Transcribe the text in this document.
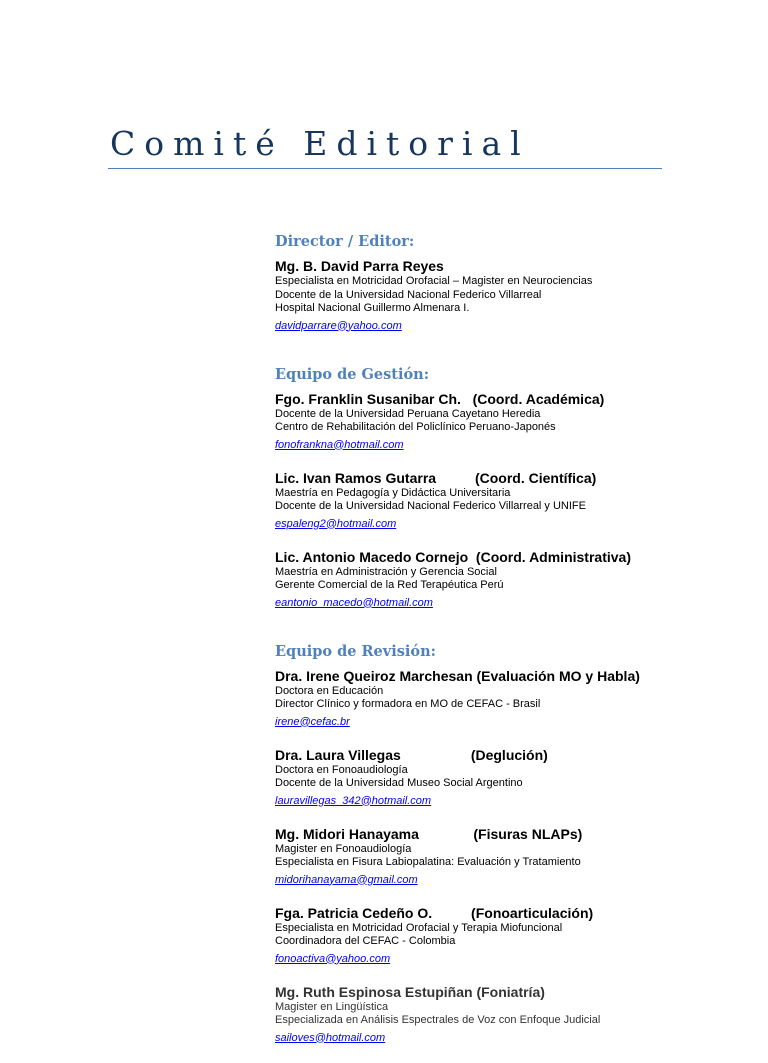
Comité Editorial
Director / Editor:
Mg. B. David Parra Reyes
Especialista en Motricidad Orofacial – Magister en Neurociencias
Docente de la Universidad Nacional Federico Villarreal
Hospital Nacional Guillermo Almenara I.
davidparrare@yahoo.com
Equipo de Gestión:
Fgo. Franklin Susanibar Ch.   (Coord. Académica)
Docente de la Universidad Peruana Cayetano Heredia
Centro de Rehabilitación del Policlínico Peruano-Japonés
fonofrankna@hotmail.com
Lic. Ivan Ramos Gutarra          (Coord. Científica)
Maestría en Pedagogía y Didáctica Universitaria
Docente de la Universidad Nacional Federico Villarreal y UNIFE
espaleng2@hotmail.com
Lic. Antonio Macedo Cornejo  (Coord. Administrativa)
Maestría en Administración y Gerencia Social
Gerente Comercial de la Red Terapéutica Perú
eantonio_macedo@hotmail.com
Equipo de Revisión:
Dra. Irene Queiroz Marchesan (Evaluación MO y Habla)
Doctora en Educación
Director Clínico y formadora en MO de CEFAC - Brasil
irene@cefac.br
Dra. Laura Villegas                  (Deglución)
Doctora en Fonoaudiología
Docente de la Universidad Museo Social Argentino
lauravillegas_342@hotmail.com
Mg. Midori Hanayama              (Fisuras NLAPs)
Magister en Fonoaudiología
Especialista en Fisura Labiopalatina: Evaluación y Tratamiento
midorihanayama@gmail.com
Fga. Patricia Cedeño O.          (Fonoarticulación)
Especialista en Motricidad Orofacial y Terapia Miofuncional
Coordinadora del CEFAC - Colombia
fonoactiva@yahoo.com
Mg. Ruth Espinosa Estupiñan (Foniatría)
Magister en Lingüística
Especializada en Análisis Espectrales de Voz con Enfoque Judicial
sailoves@hotmail.com
